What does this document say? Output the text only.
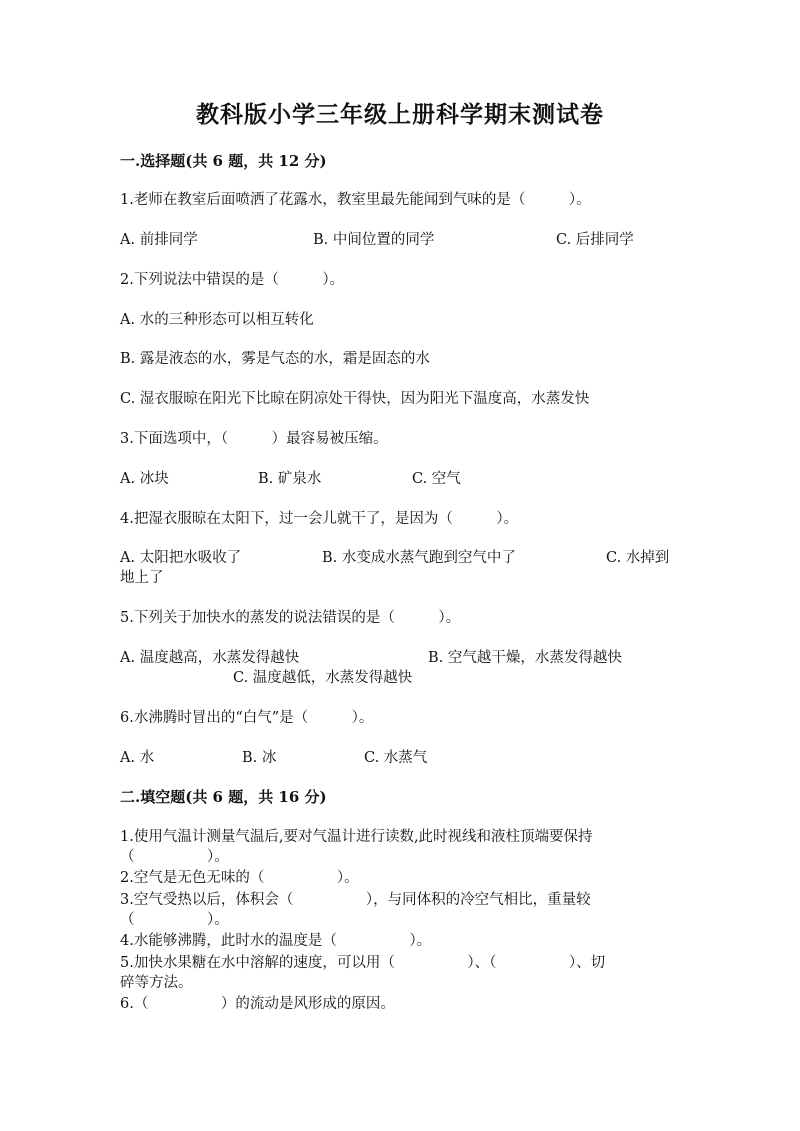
教科版小学三年级上册科学期末测试卷
一.选择题(共 6 题，共 12 分)
1.老师在教室后面喷洒了花露水，教室里最先能闻到气味的是（　　　）。
A. 前排同学	B. 中间位置的同学	C. 后排同学
2.下列说法中错误的是（　　　）。
A. 水的三种形态可以相互转化
B. 露是液态的水，雾是气态的水，霜是固态的水
C. 湿衣服晾在阳光下比晾在阴凉处干得快，因为阳光下温度高，水蒸发快
3.下面选项中，（　　　）最容易被压缩。
A. 冰块	B. 矿泉水	C. 空气
4.把湿衣服晾在太阳下，过一会儿就干了，是因为（　　　）。
A. 太阳把水吸收了	B. 水变成水蒸气跑到空气中了	C. 水掉到
地上了
5.下列关于加快水的蒸发的说法错误的是（　　　）。
A. 温度越高，水蒸发得越快	B. 空气越干燥，水蒸发得越快
C. 温度越低，水蒸发得越快
6.水沸腾时冒出的“白气”是（　　　）。
A. 水	B. 冰	C. 水蒸气
二.填空题(共 6 题，共 16 分)
1.使用气温计测量气温后,要对气温计进行读数,此时视线和液柱顶端要保持
（　　　　　）。
2.空气是无色无味的（　　　　　）。
3.空气受热以后，体积会（　　　　　），与同体积的冷空气相比，重量较
（　　　　　）。
4.水能够沸腾，此时水的温度是（　　　　　）。
5.加快水果糖在水中溶解的速度，可以用（　　　　　）、（　　　　　）、切
碎等方法。
6.（　　　　　）的流动是风形成的原因。
